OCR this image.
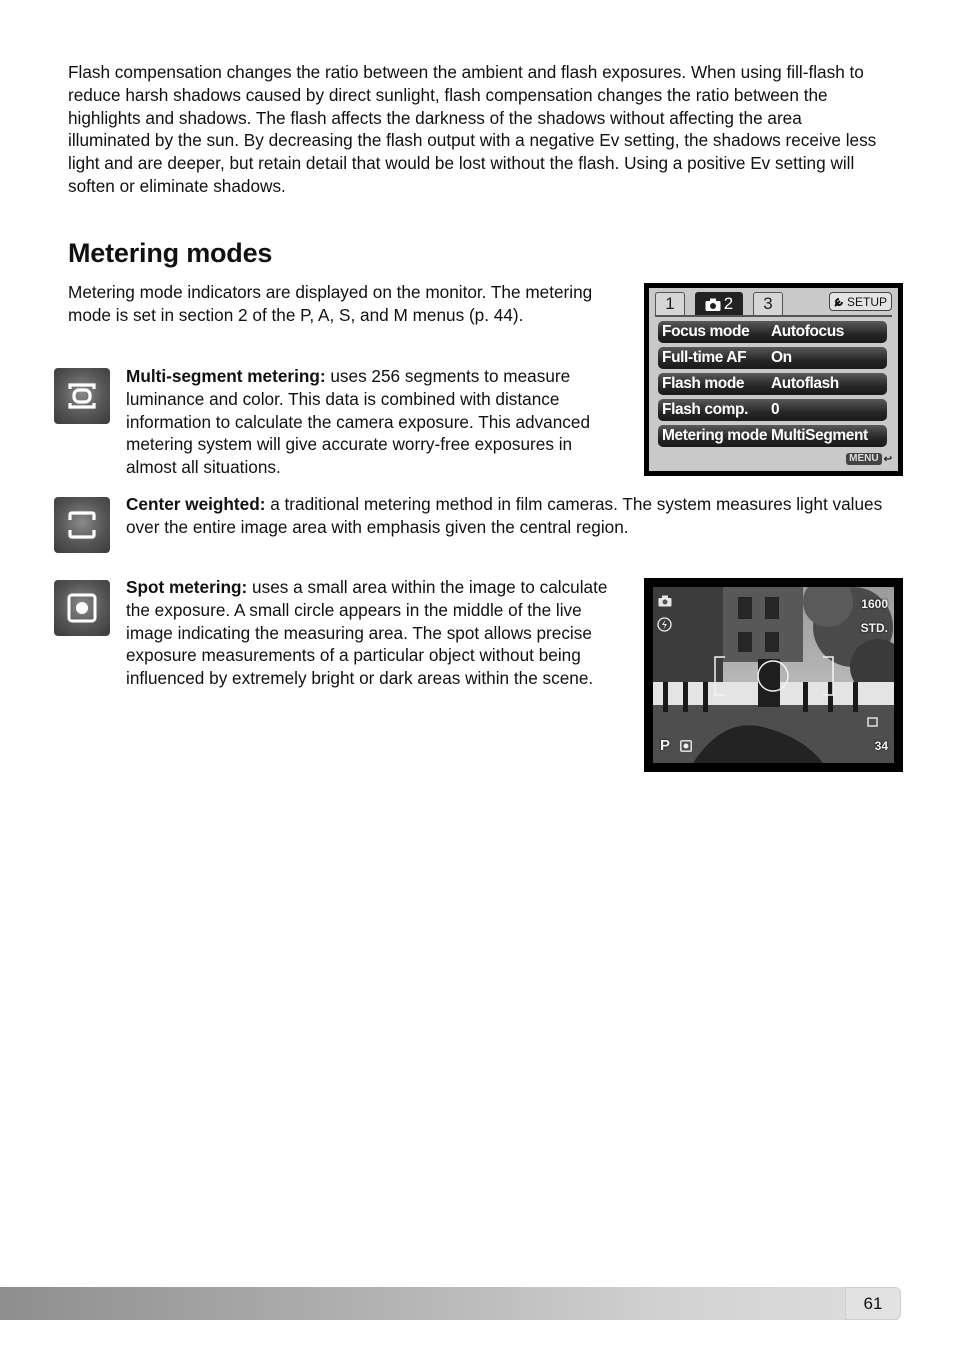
Flash compensation changes the ratio between the ambient and flash exposures. When using fill-flash to reduce harsh shadows caused by direct sunlight, flash compensation changes the ratio between the highlights and shadows. The flash affects the darkness of the shadows without affecting the area illuminated by the sun. By decreasing the flash output with a negative Ev setting, the shadows receive less light and are deeper, but retain detail that would be lost without the flash. Using a positive Ev setting will soften or eliminate shadows.

Metering modes

Metering mode indicators are displayed on the monitor. The metering mode is set in section 2 of the P, A, S, and M menus (p. 44).

Multi-segment metering: uses 256 segments to measure luminance and color. This data is combined with distance information to calculate the camera exposure. This advanced metering system will give accurate worry-free exposures in almost all situations.

Center weighted: a traditional metering method in film cameras. The system measures light values over the entire image area with emphasis given the central region.

Spot metering: uses a small area within the image to calculate the exposure. A small circle appears in the middle of the live image indicating the measuring area. The spot allows precise exposure measurements of a particular object without being influenced by extremely bright or dark areas within the scene.

1	2 3	SETUP
Focus mode	Autofocus
Full-time AF	On
Flash mode	Autoflash
Flash comp.	0
Metering mode MultiSegment
MENU ↩
1600
STD.
P	34
61
